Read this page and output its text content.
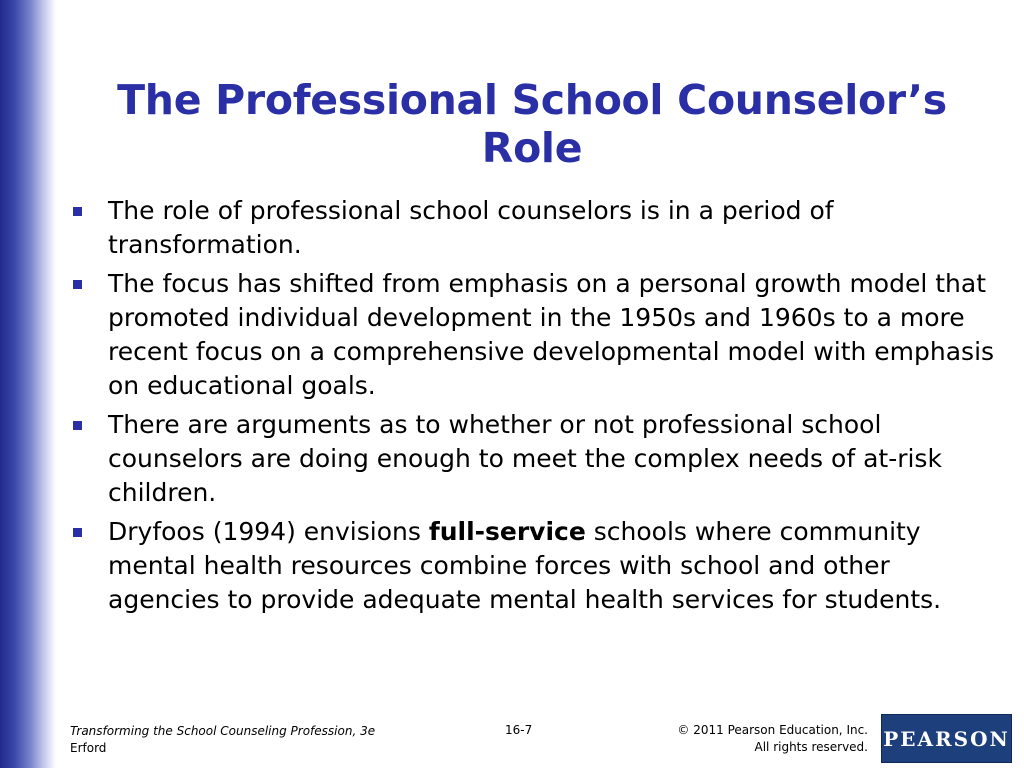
The Professional School Counselor’s Role
The role of professional school counselors is in a period of transformation.
The focus has shifted from emphasis on a personal growth model that promoted individual development in the 1950s and 1960s to a more recent focus on a comprehensive developmental model with emphasis on educational goals.
There are arguments as to whether or not professional school counselors are doing enough to meet the complex needs of at-risk children.
Dryfoos (1994) envisions full-service schools where community mental health resources combine forces with school and other agencies to provide adequate mental health services for students.
Transforming the School Counseling Profession, 3e
Erford
16-7	© 2011 Pearson Education, Inc.
All rights reserved. PEARSON
